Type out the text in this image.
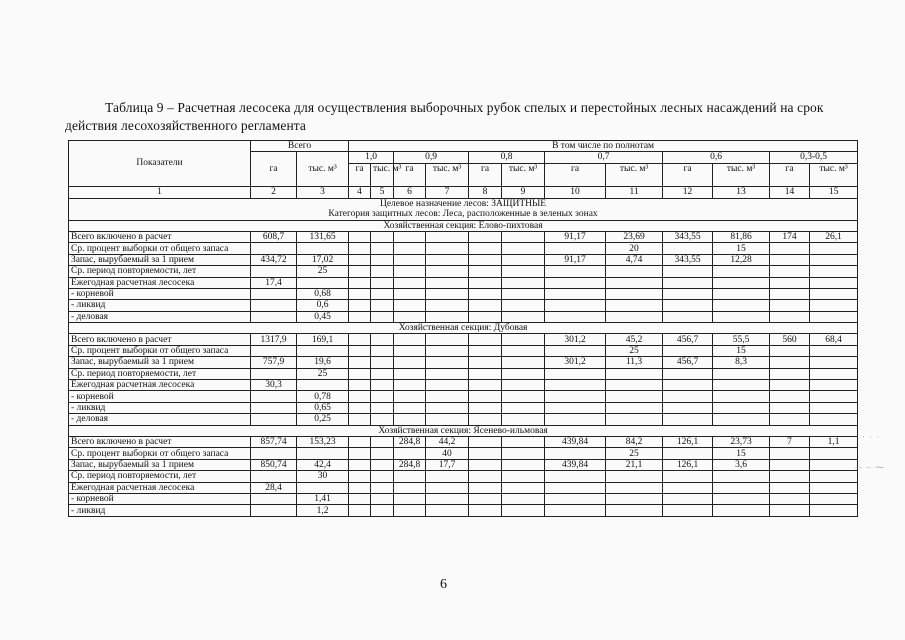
Таблица 9 – Расчетная лесосека для осуществления выборочных рубок спелых и перестойных лесных насаждений на срок действия лесохозяйственного регламента
Показатели	Всего		В том числе по полнотам											
	га	тыс. м³	1,0		0,9		0,8		0,7		0,6		0,3-0,5	
			га	тыс. м³	га	тыс. м³	га	тыс. м³	га	тыс. м³	га	тыс. м³	га	тыс. м³
1	2	3	4	5	6	7	8	9	10	11	12	13	14	15
Целевое назначение лесов: ЗАЩИТНЫЕ														
Категория защитных лесов: Леса, расположенные в зеленых зонах														
Хозяйственная секция: Елово-пихтовая														
Всего включено в расчет	608,7	131,65							91,17	23,69	343,55	81,86	174	26,1
Ср. процент выборки от общего запаса										20		15		
Запас, вырубаемый за 1 прием	434,72	17,02							91,17	4,74	343,55	12,28		
Ср. период повторяемости, лет		25												
Ежегодная расчетная лесосека	17,4													
- корневой		0,68												
- ликвид		0,6												
- деловая		0,45												
Хозяйственная секция: Дубовая														
Всего включено в расчет	1317,9	169,1							301,2	45,2	456,7	55,5	560	68,4
Ср. процент выборки от общего запаса										25		15		
Запас, вырубаемый за 1 прием	757,9	19,6							301,2	11,3	456,7	8,3		
Ср. период повторяемости, лет		25												
Ежегодная расчетная лесосека	30,3													
- корневой		0,78												
- ликвид		0,65												
- деловая		0,25												
Хозяйственная секция: Ясенево-ильмовая														
Всего включено в расчет	857,74	153,23			284,8	44,2			439,84	84,2	126,1	23,73	7	1,1
Ср. процент выборки от общего запаса						40				25		15		
Запас, вырубаемый за 1 прием	850,74	42,4			284,8	17,7			439,84	21,1	126,1	3,6		
Ср. период повторяемости, лет		30												
Ежегодная расчетная лесосека	28,4													
- корневой		1,41												
- ликвид		1,2												
6
· · ·
-- ‒ ⁓
